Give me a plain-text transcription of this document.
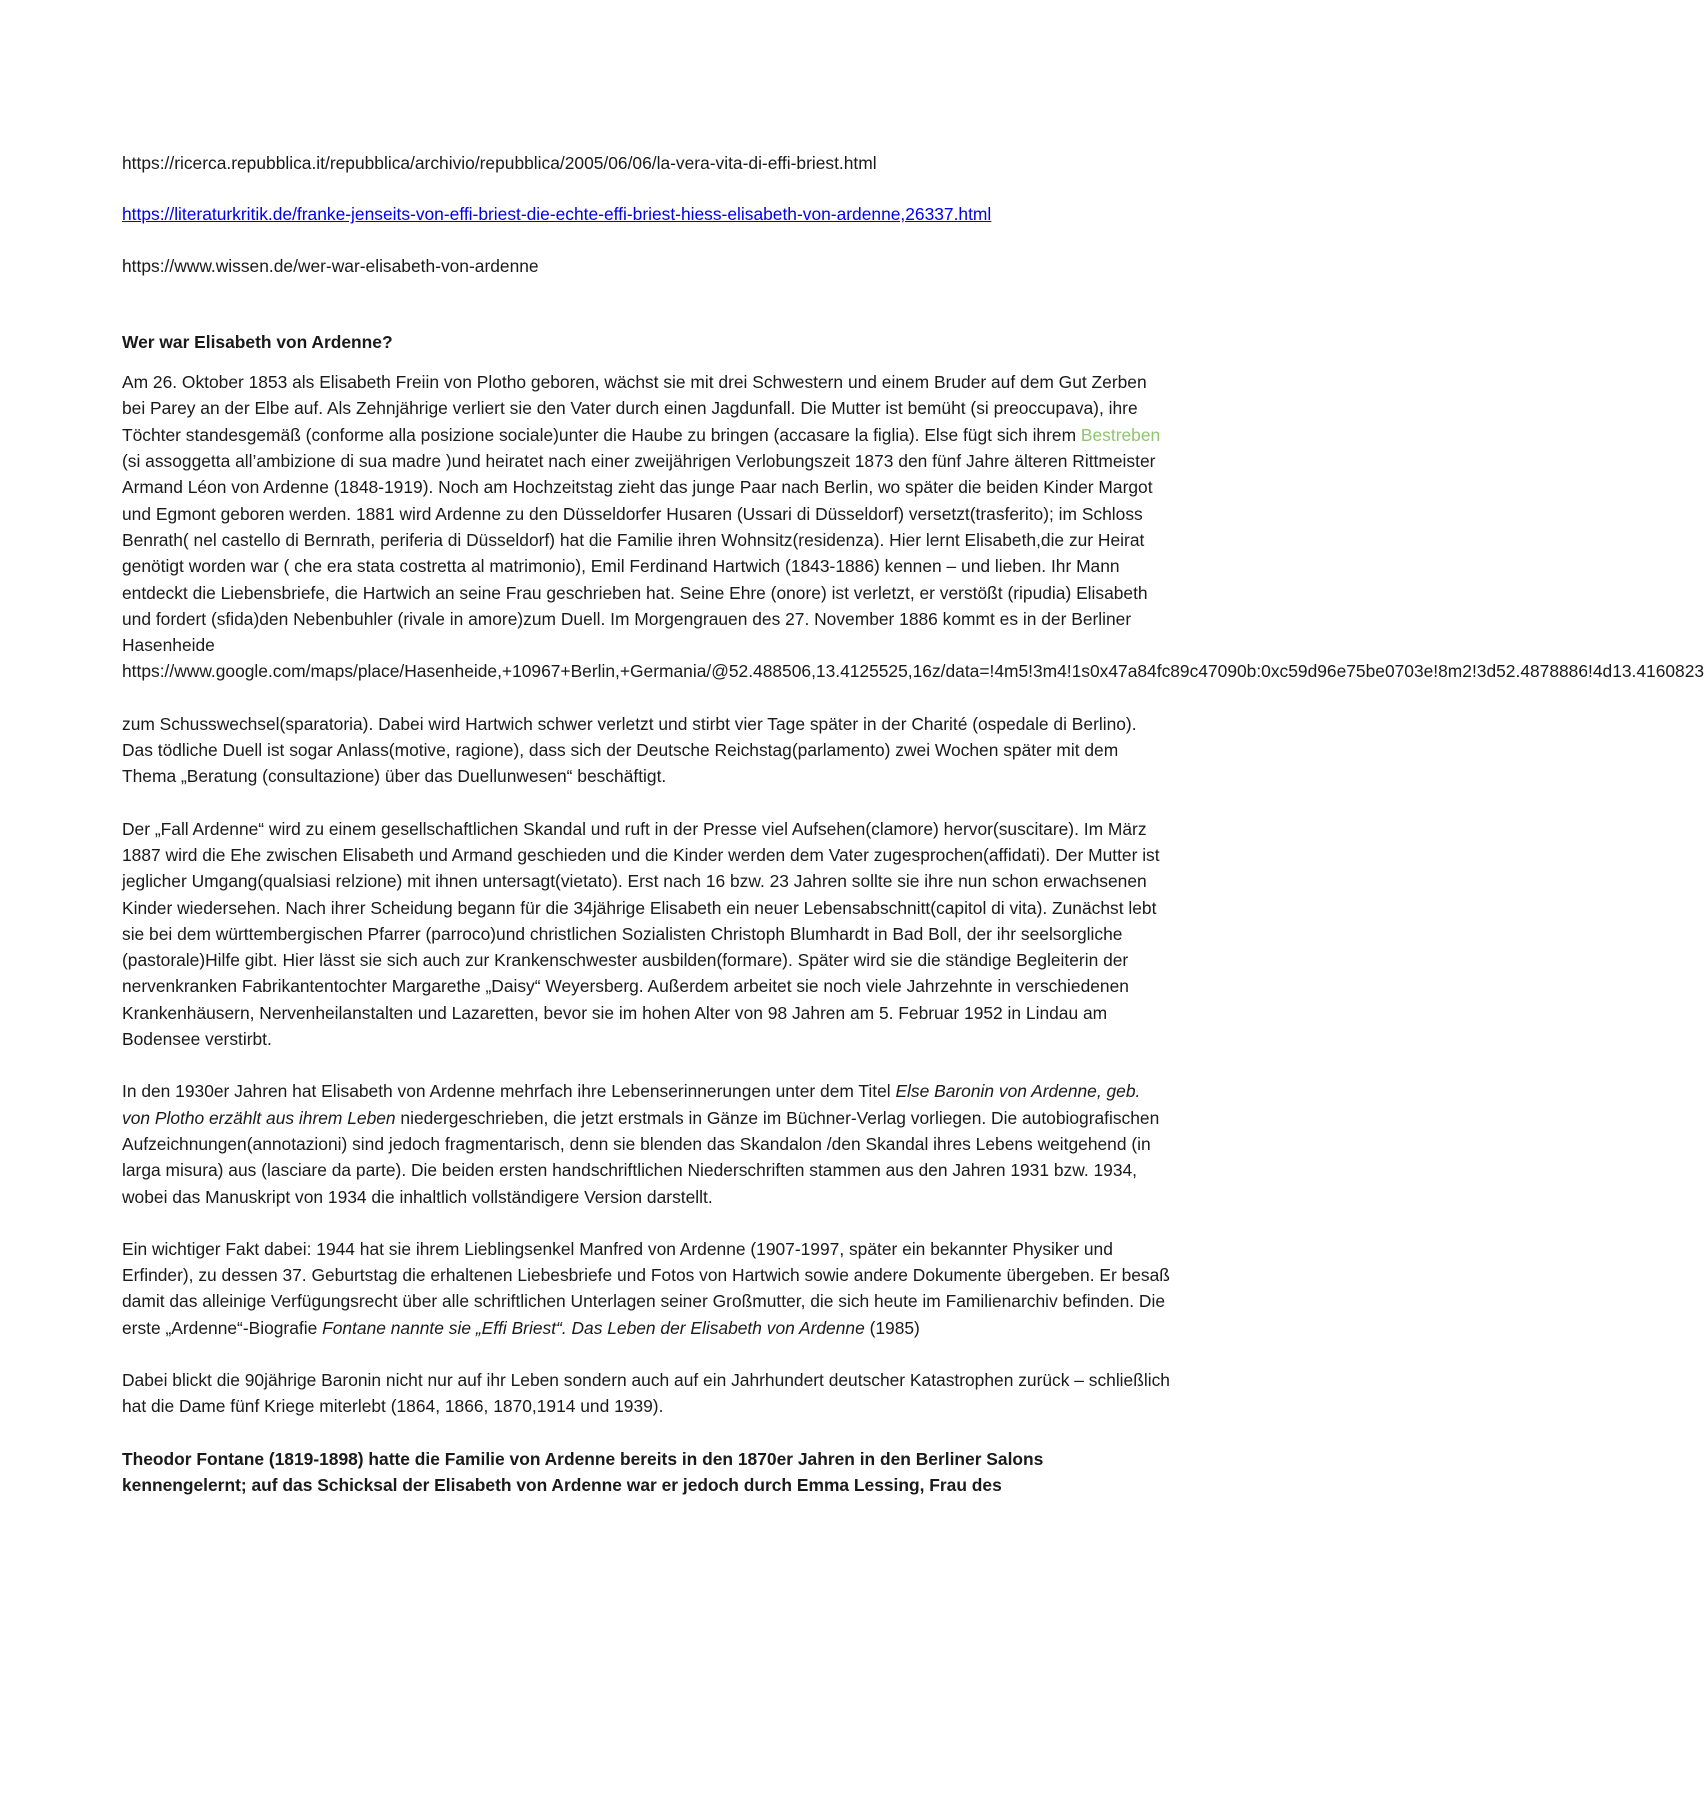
https://ricerca.repubblica.it/repubblica/archivio/repubblica/2005/06/06/la-vera-vita-di-effi-briest.html

https://literaturkritik.de/franke-jenseits-von-effi-briest-die-echte-effi-briest-hiess-elisabeth-von-ardenne,26337.html

https://www.wissen.de/wer-war-elisabeth-von-ardenne

Wer war Elisabeth von Ardenne?

Am 26. Oktober 1853 als Elisabeth Freiin von Plotho geboren, wächst sie mit drei Schwestern und einem Bruder auf dem Gut Zerben bei Parey an der Elbe auf. Als Zehnjährige verliert sie den Vater durch einen Jagdunfall. Die Mutter ist bemüht (si preoccupava), ihre Töchter standesgemäß (conforme alla posizione sociale)unter die Haube zu bringen (accasare la figlia). Else fügt sich ihrem Bestreben (si assoggetta all’ambizione di sua madre )und heiratet nach einer zweijährigen Verlobungszeit 1873 den fünf Jahre älteren Rittmeister Armand Léon von Ardenne (1848-1919). Noch am Hochzeitstag zieht das junge Paar nach Berlin, wo später die beiden Kinder Margot und Egmont geboren werden. 1881 wird Ardenne zu den Düsseldorfer Husaren (Ussari di Düsseldorf) versetzt(trasferito); im Schloss Benrath( nel castello di Bernrath, periferia di Düsseldorf) hat die Familie ihren Wohnsitz(residenza). Hier lernt Elisabeth,die zur Heirat genötigt worden war ( che era stata costretta al matrimonio), Emil Ferdinand Hartwich (1843-1886) kennen – und lieben. Ihr Mann entdeckt die Liebensbriefe, die Hartwich an seine Frau geschrieben hat. Seine Ehre (onore) ist verletzt, er verstößt (ripudia) Elisabeth und fordert (sfida)den Nebenbuhler (rivale in amore)zum Duell. Im Morgengrauen des 27. November 1886 kommt es in der Berliner Hasenheide https://www.google.com/maps/place/Hasenheide,+10967+Berlin,+Germania/@52.488506,13.4125525,16z/data=!4m5!3m4!1s0x47a84fc89c47090b:0xc59d96e75be0703e!8m2!3d52.4878886!4d13.4160823

zum Schusswechsel(sparatoria). Dabei wird Hartwich schwer verletzt und stirbt vier Tage später in der Charité (ospedale di Berlino). Das tödliche Duell ist sogar Anlass(motive, ragione), dass sich der Deutsche Reichstag(parlamento) zwei Wochen später mit dem Thema „Beratung (consultazione) über das Duellunwesen“ beschäftigt.

Der „Fall Ardenne“ wird zu einem gesellschaftlichen Skandal und ruft in der Presse viel Aufsehen(clamore) hervor(suscitare). Im März 1887 wird die Ehe zwischen Elisabeth und Armand geschieden und die Kinder werden dem Vater zugesprochen(affidati). Der Mutter ist jeglicher Umgang(qualsiasi relzione) mit ihnen untersagt(vietato). Erst nach 16 bzw. 23 Jahren sollte sie ihre nun schon erwachsenen Kinder wiedersehen. Nach ihrer Scheidung begann für die 34jährige Elisabeth ein neuer Lebensabschnitt(capitol di vita). Zunächst lebt sie bei dem württembergischen Pfarrer (parroco)und christlichen Sozialisten Christoph Blumhardt in Bad Boll, der ihr seelsorgliche (pastorale)Hilfe gibt. Hier lässt sie sich auch zur Krankenschwester ausbilden(formare). Später wird sie die ständige Begleiterin der nervenkranken Fabrikantentochter Margarethe „Daisy“ Weyersberg. Außerdem arbeitet sie noch viele Jahrzehnte in verschiedenen Krankenhäusern, Nervenheilanstalten und Lazaretten, bevor sie im hohen Alter von 98 Jahren am 5. Februar 1952 in Lindau am Bodensee verstirbt.

In den 1930er Jahren hat Elisabeth von Ardenne mehrfach ihre Lebenserinnerungen unter dem Titel Else Baronin von Ardenne, geb. von Plotho erzählt aus ihrem Leben niedergeschrieben, die jetzt erstmals in Gänze im Büchner-Verlag vorliegen. Die autobiografischen Aufzeichnungen(annotazioni) sind jedoch fragmentarisch, denn sie blenden das Skandalon /den Skandal ihres Lebens weitgehend (in larga misura) aus (lasciare da parte). Die beiden ersten handschriftlichen Niederschriften stammen aus den Jahren 1931 bzw. 1934, wobei das Manuskript von 1934 die inhaltlich vollständigere Version darstellt.

Ein wichtiger Fakt dabei: 1944 hat sie ihrem Lieblingsenkel Manfred von Ardenne (1907-1997, später ein bekannter Physiker und Erfinder), zu dessen 37. Geburtstag die erhaltenen Liebesbriefe und Fotos von Hartwich sowie andere Dokumente übergeben. Er besaß damit das alleinige Verfügungsrecht über alle schriftlichen Unterlagen seiner Großmutter, die sich heute im Familienarchiv befinden. Die erste „Ardenne“-Biografie Fontane nannte sie „Effi Briest“. Das Leben der Elisabeth von Ardenne (1985)

Dabei blickt die 90jährige Baronin nicht nur auf ihr Leben sondern auch auf ein Jahrhundert deutscher Katastrophen zurück – schließlich hat die Dame fünf Kriege miterlebt (1864, 1866, 1870,1914 und 1939).

Theodor Fontane (1819-1898) hatte die Familie von Ardenne bereits in den 1870er Jahren in den Berliner Salons kennengelernt; auf das Schicksal der Elisabeth von Ardenne war er jedoch durch Emma Lessing, Frau des
